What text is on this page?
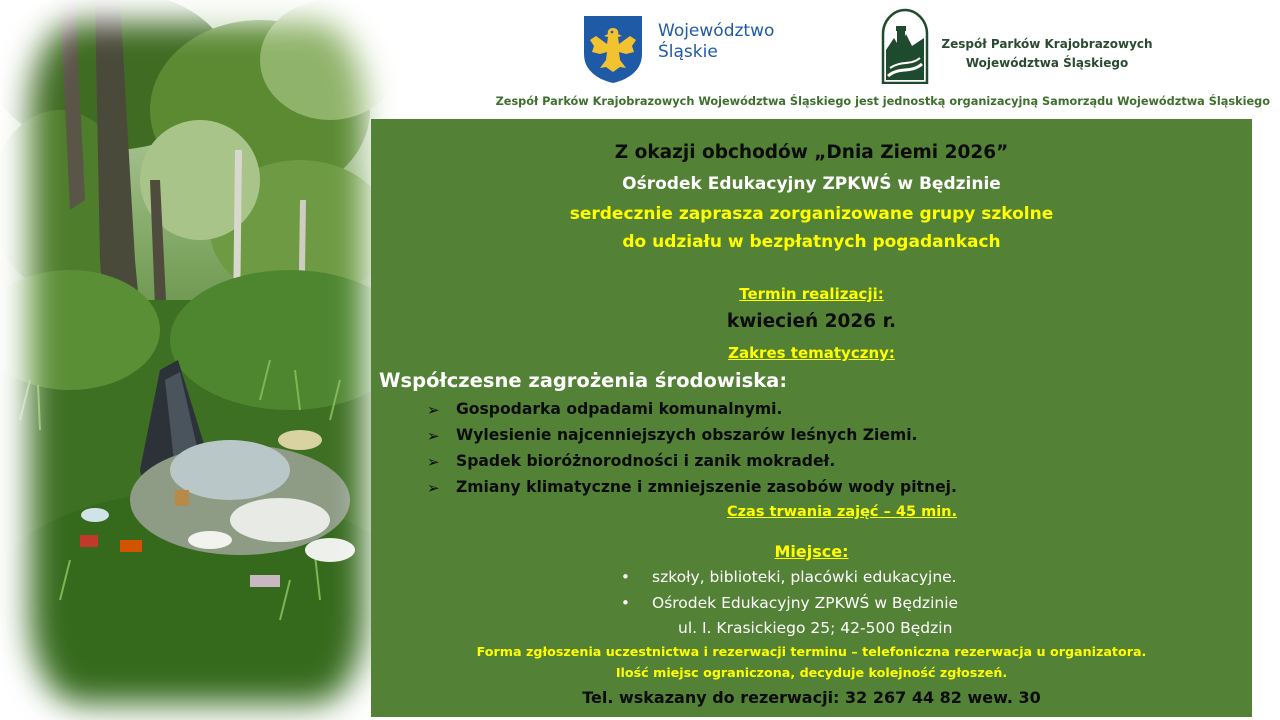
Województwo
Śląskie	Zespół Parków Krajobrazowych
Województwa Śląskiego
Zespół Parków Krajobrazowych Województwa Śląskiego jest jednostką organizacyjną Samorządu Województwa Śląskiego
Z okazji obchodów „Dnia Ziemi 2026”
Ośrodek Edukacyjny ZPKWŚ w Będzinie
serdecznie zaprasza zorganizowane grupy szkolne
do udziału w bezpłatnych pogadankach
Termin realizacji:
kwiecień 2026 r.
Zakres tematyczny:
Współczesne zagrożenia środowiska:
➢ Gospodarka odpadami komunalnymi.
➢ Wylesienie najcenniejszych obszarów leśnych Ziemi.
➢ Spadek bioróżnorodności i zanik mokradeł.
➢ Zmiany klimatyczne i zmniejszenie zasobów wody pitnej.
Czas trwania zajęć – 45 min.
Miejsce:
• szkoły, biblioteki, placówki edukacyjne.
• Ośrodek Edukacyjny ZPKWŚ w Będzinie
ul. I. Krasickiego 25; 42-500 Będzin
Forma zgłoszenia uczestnictwa i rezerwacji terminu – telefoniczna rezerwacja u organizatora.
Ilość miejsc ograniczona, decyduje kolejność zgłoszeń.
Tel. wskazany do rezerwacji: 32 267 44 82 wew. 30
